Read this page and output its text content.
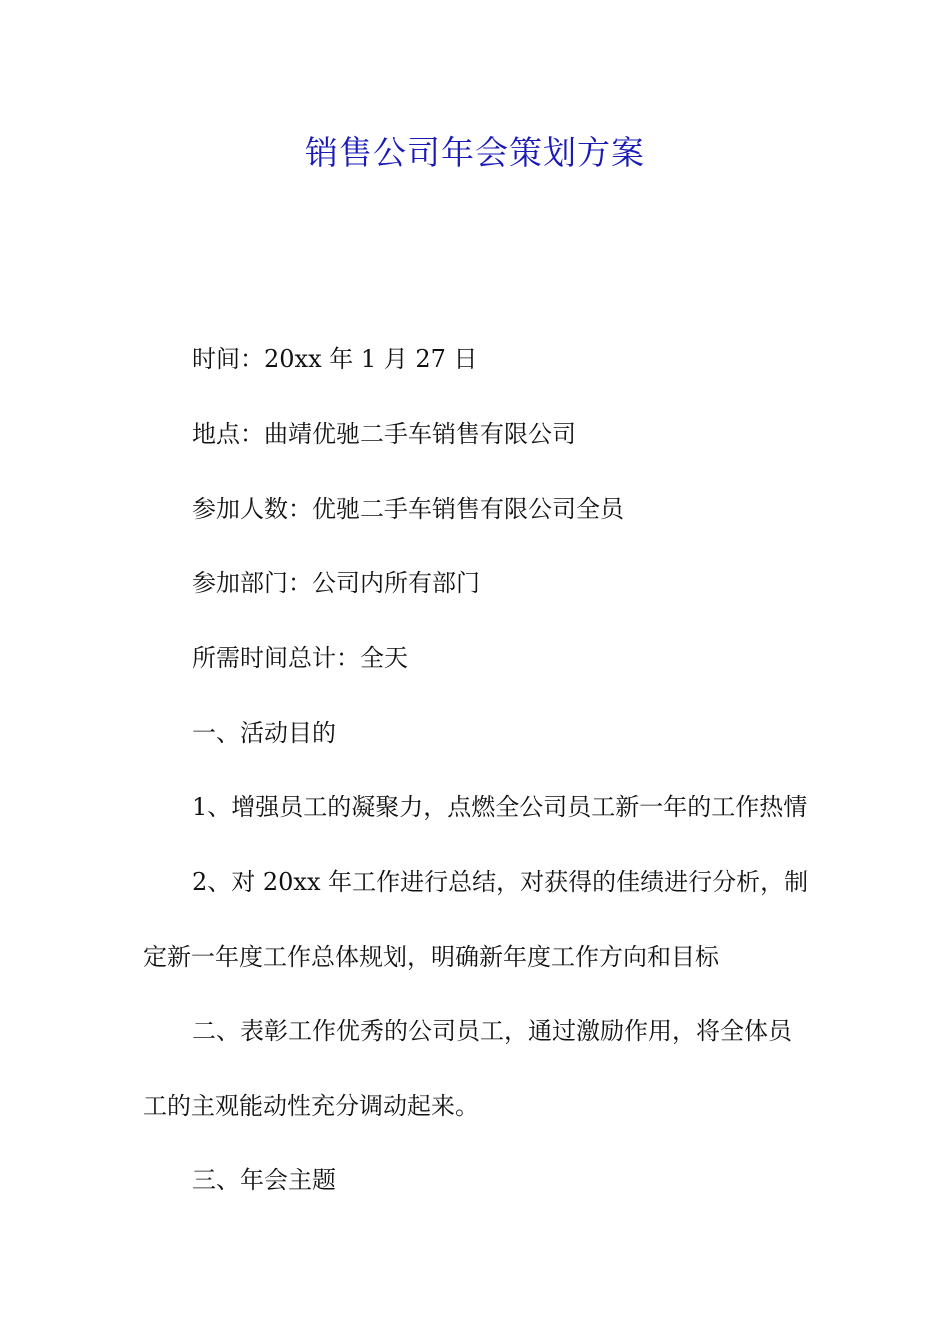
销售公司年会策划方案

时间：20xx 年 1 月 27 日

地点：曲靖优驰二手车销售有限公司

参加人数：优驰二手车销售有限公司全员

参加部门：公司内所有部门

所需时间总计：全天

一、活动目的

1、增强员工的凝聚力，点燃全公司员工新一年的工作热情

2、对 20xx 年工作进行总结，对获得的佳绩进行分析，制

定新一年度工作总体规划，明确新年度工作方向和目标

二、表彰工作优秀的公司员工，通过激励作用，将全体员

工的主观能动性充分调动起来。

三、年会主题
